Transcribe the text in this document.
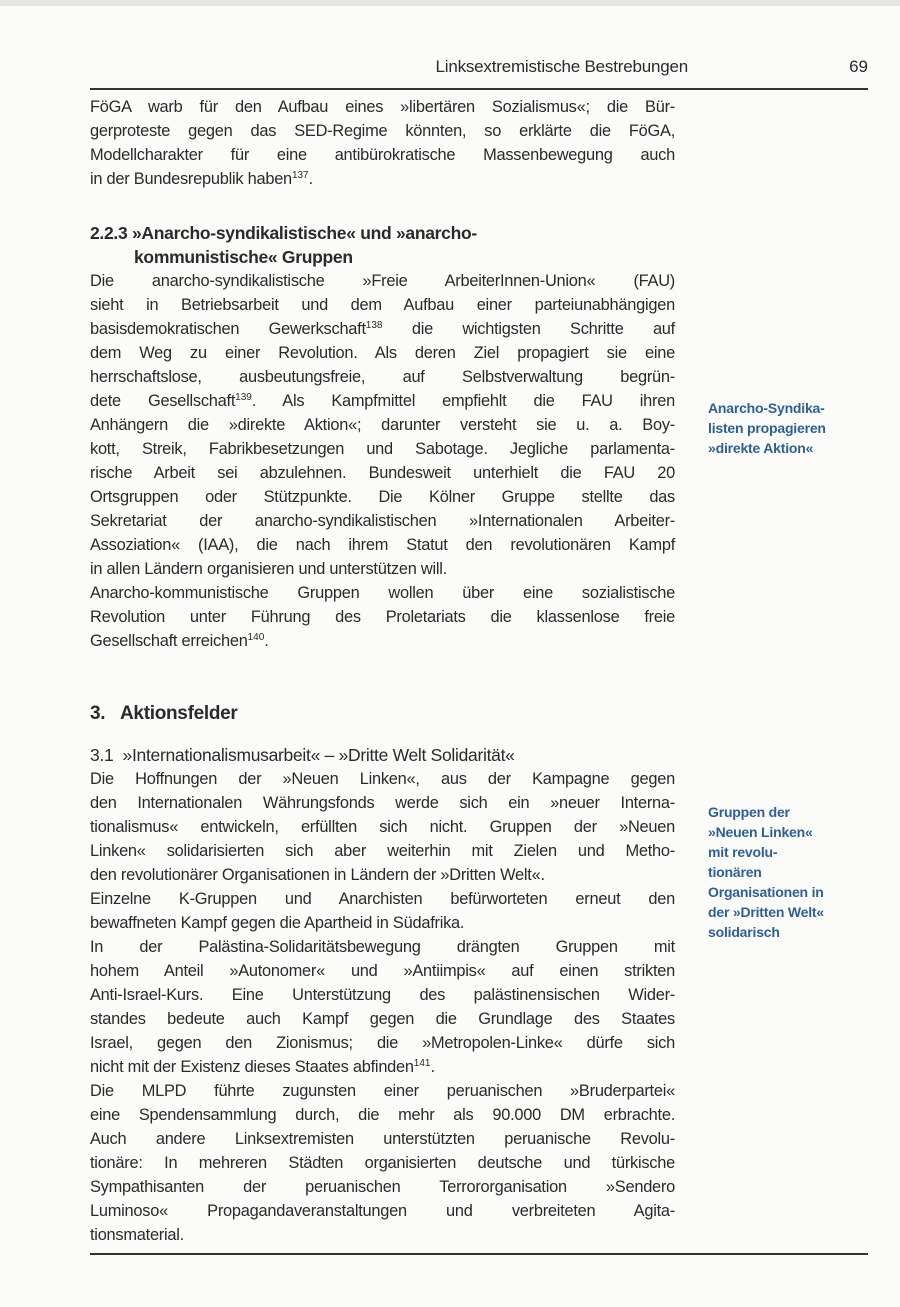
Linksextremistische Bestrebungen	69
FöGA warb für den Aufbau eines »libertären Sozialismus«; die Bür-
gerproteste gegen das SED-Regime könnten, so erklärte die FöGA,
Modellcharakter für eine antibürokratische Massenbewegung auch
in der Bundesrepublik haben$^{137}$.
2.2.3 »Anarcho-syndikalistische« und »anarcho-
kommunistische« Gruppen
Die anarcho-syndikalistische »Freie ArbeiterInnen-Union« (FAU)
sieht in Betriebsarbeit und dem Aufbau einer parteiunabhängigen
basisdemokratischen Gewerkschaft$^{138}$ die wichtigsten Schritte auf
dem Weg zu einer Revolution. Als deren Ziel propagiert sie eine
herrschaftslose, ausbeutungsfreie, auf Selbstverwaltung begrün-
dete Gesellschaft$^{139}$. Als Kampfmittel empfiehlt die FAU ihren
Anhängern die »direkte Aktion«; darunter versteht sie u. a. Boy-
kott, Streik, Fabrikbesetzungen und Sabotage. Jegliche parlamenta-
rische Arbeit sei abzulehnen. Bundesweit unterhielt die FAU 20
Ortsgruppen oder Stützpunkte. Die Kölner Gruppe stellte das
Sekretariat der anarcho-syndikalistischen »Internationalen Arbeiter-
Assoziation« (IAA), die nach ihrem Statut den revolutionären Kampf
in allen Ländern organisieren und unterstützen will.
Anarcho-kommunistische Gruppen wollen über eine sozialistische
Revolution unter Führung des Proletariats die klassenlose freie
Gesellschaft erreichen$^{140}$.
Anarcho-Syndika-
listen propagieren
»direkte Aktion«
3. Aktionsfelder
3.1  »Internationalismusarbeit« – »Dritte Welt Solidarität«
Die Hoffnungen der »Neuen Linken«, aus der Kampagne gegen
den Internationalen Währungsfonds werde sich ein »neuer Interna-
tionalismus« entwickeln, erfüllten sich nicht. Gruppen der »Neuen
Linken« solidarisierten sich aber weiterhin mit Zielen und Metho-
den revolutionärer Organisationen in Ländern der »Dritten Welt«.
Einzelne K-Gruppen und Anarchisten befürworteten erneut den
bewaffneten Kampf gegen die Apartheid in Südafrika.
In der Palästina-Solidaritätsbewegung drängten Gruppen mit
hohem Anteil »Autonomer« und »Antiimpis« auf einen strikten
Anti-Israel-Kurs. Eine Unterstützung des palästinensischen Wider-
standes bedeute auch Kampf gegen die Grundlage des Staates
Israel, gegen den Zionismus; die »Metropolen-Linke« dürfe sich
nicht mit der Existenz dieses Staates abfinden$^{141}$.
Die MLPD führte zugunsten einer peruanischen »Bruderpartei«
eine Spendensammlung durch, die mehr als 90.000 DM erbrachte.
Auch andere Linksextremisten unterstützten peruanische Revolu-
tionäre: In mehreren Städten organisierten deutsche und türkische
Sympathisanten der peruanischen Terrororganisation »Sendero
Luminoso« Propagandaveranstaltungen und verbreiteten Agita-
tionsmaterial.
Gruppen der
»Neuen Linken«
mit revolu-
tionären
Organisationen in
der »Dritten Welt«
solidarisch
